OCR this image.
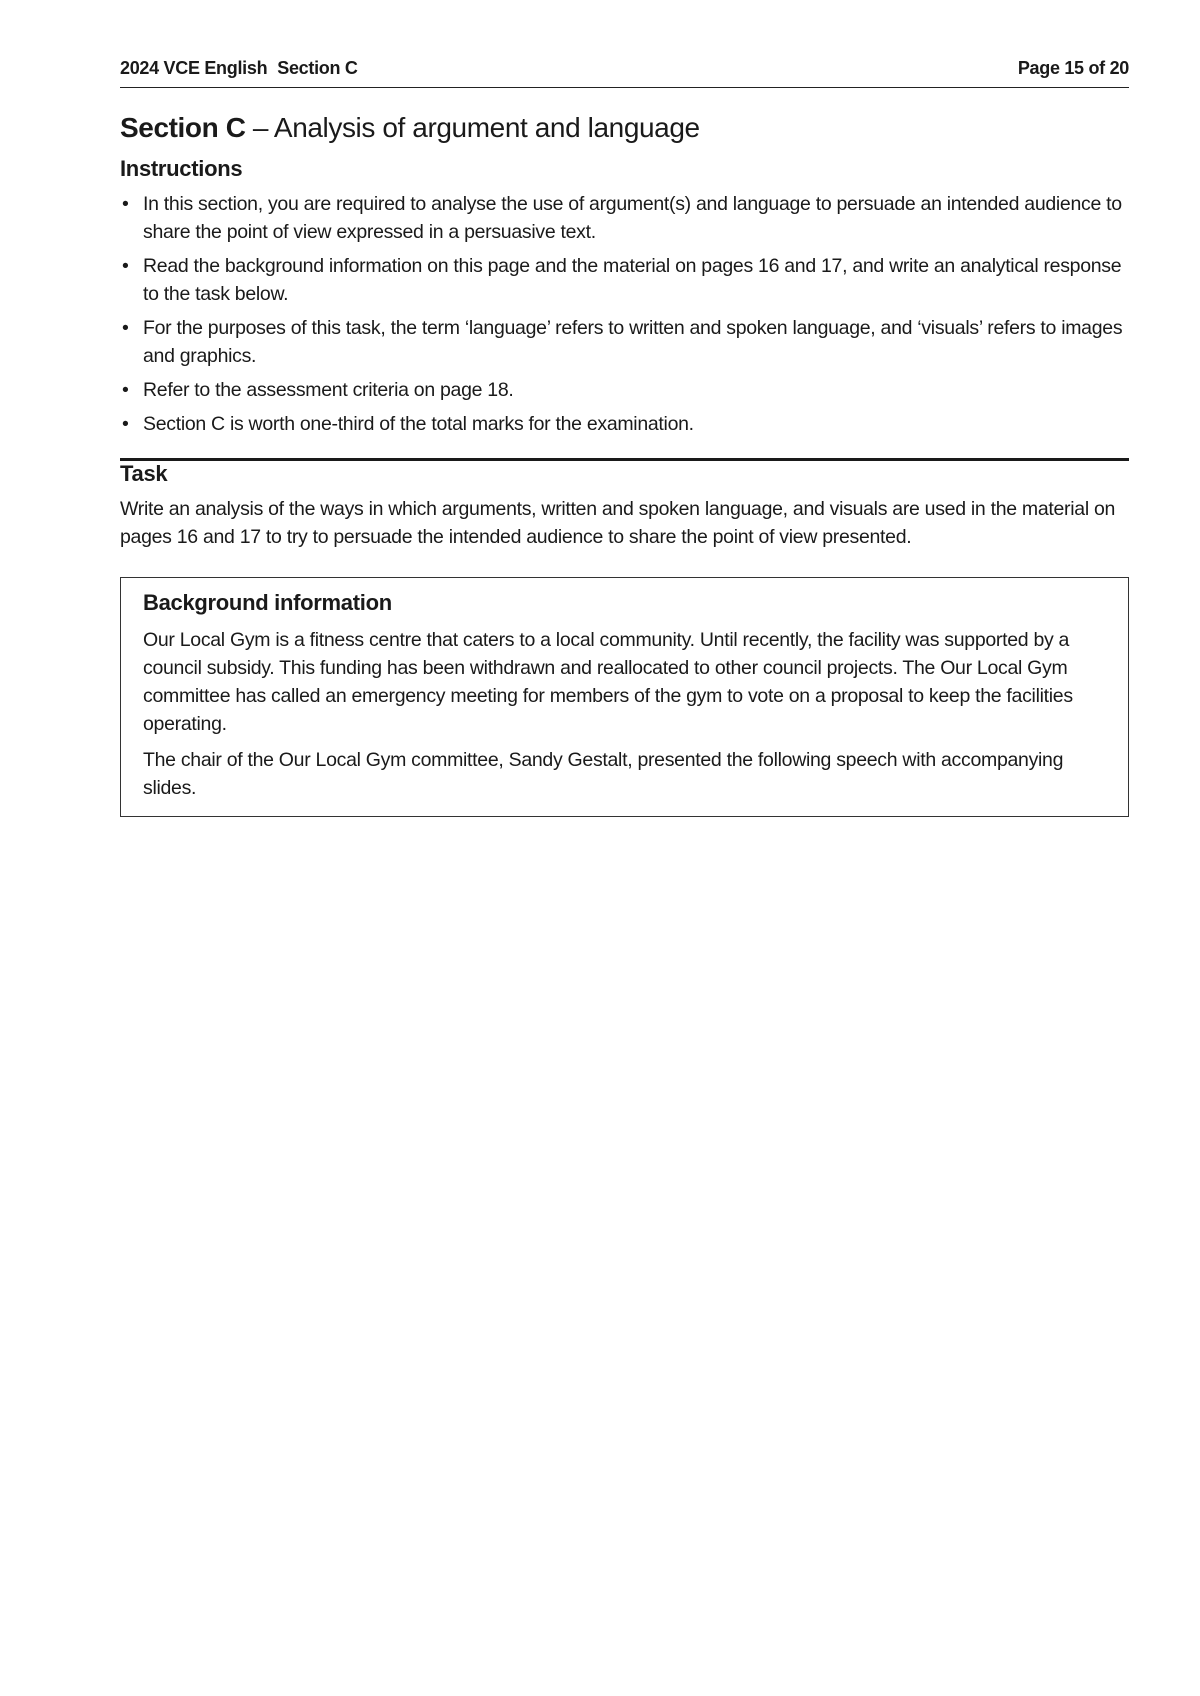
2024 VCE English Section C	Page 15 of 20
Section C – Analysis of argument and language
Instructions
• In this section, you are required to analyse the use of argument(s) and language to persuade an intended audience to share the point of view expressed in a persuasive text.
• Read the background information on this page and the material on pages 16 and 17, and write an analytical response to the task below.
• For the purposes of this task, the term ‘language’ refers to written and spoken language, and ‘visuals’ refers to images and graphics.
• Refer to the assessment criteria on page 18.
• Section C is worth one-third of the total marks for the examination.
Task

Write an analysis of the ways in which arguments, written and spoken language, and visuals are used in the material on pages 16 and 17 to try to persuade the intended audience to share the point of view presented.

Background information

Our Local Gym is a fitness centre that caters to a local community. Until recently, the facility was supported by a council subsidy. This funding has been withdrawn and reallocated to other council projects. The Our Local Gym committee has called an emergency meeting for members of the gym to vote on a proposal to keep the facilities operating.

The chair of the Our Local Gym committee, Sandy Gestalt, presented the following speech with accompanying slides.
